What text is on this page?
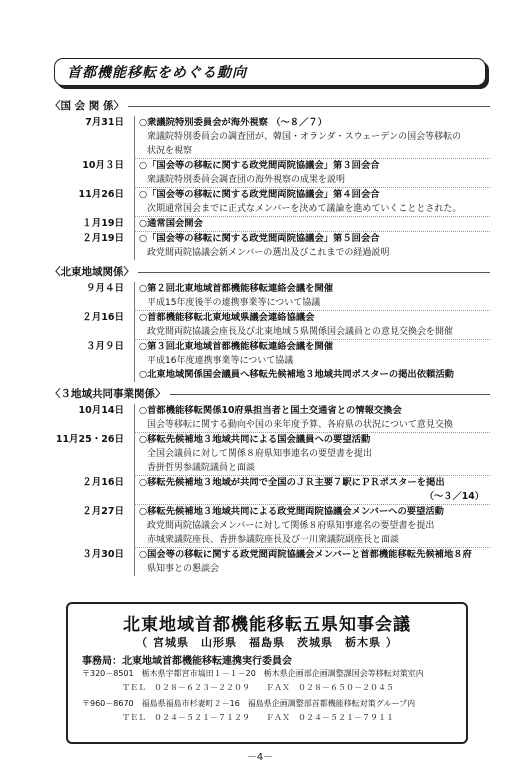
首都機能移転をめぐる動向
〈国 会 関 係〉
7月31日	○衆議院特別委員会が海外視察 （～８／７）
衆議院特別委員会の調査団が、韓国・オランダ・スウェーデンの国会等移転の
状況を視察
10月３日	○「国会等の移転に関する政党間両院協議会」第３回会合
衆議院特別委員会調査団の海外視察の成果を説明
11月26日	○「国会等の移転に関する政党間両院協議会」第４回会合
次期通常国会までに正式なメンバーを決めて議論を進めていくこととされた。
１月19日	○通常国会開会
２月19日	○「国会等の移転に関する政党間両院協議会」第５回会合
政党間両院協議会新メンバーの選出及びこれまでの経過説明
〈北東地域関係〉
９月４日	○第２回北東地域首都機能移転連絡会議を開催
平成15年度後半の連携事業等について協議
２月16日	○首都機能移転北東地域県議会連絡協議会
政党間両院協議会座長及び北東地域５県関係国会議員との意見交換会を開催
３月９日	○第３回北東地域首都機能移転連絡会議を開催
平成16年度連携事業等について協議
○北東地域関係国会議員へ移転先候補地３地域共同ポスターの掲出依頼活動
〈３地域共同事業関係〉
10月14日	○首都機能移転関係10府県担当者と国土交通省との情報交換会
国会等移転に関する動向や国の来年度予算、各府県の状況について意見交換
11月25・26日	○移転先候補地３地域共同による国会議員への要望活動
全国会議員に対して関係８府県知事連名の要望書を提出
香拼哲男参議院議員と面談
２月16日	○移転先候補地３地域が共同で全国のＪＲ主要７駅にＰＲポスターを掲出
（～３／14）
２月27日	○移転先候補地３地域共同による政党間両院協議会メンバーへの要望活動
政党間両院協議会メンバーに対して関係８府県知事連名の要望書を提出
赤城衆議院座長、香拼参議院座長及び一川衆議院副座長と面談
３月30日	○国会等の移転に関する政党間両院協議会メンバーと首都機能移転先候補地８府
県知事との懇談会
北東地域首都機能移転五県知事会議
（ 宮城県　山形県　福島県　茨城県　栃木県 ）
事務局：北東地域首都機能移転連携実行委員会
〒320－8501　栃木県宇都宮市塙田１－１－20　栃木県企画部企画調整課国会等移転対策室内
ＴＥＬ　０２８－６２３－２２０９　　ＦＡＸ　０２８－６５０－２０４５
〒960－8670　福島県福島市杉妻町２－16　福島県企画調整部首都機能移転対策グループ内
ＴＥＬ　０２４－５２１－７１２９　　ＦＡＸ　０２４－５２１－７９１１
－4－
